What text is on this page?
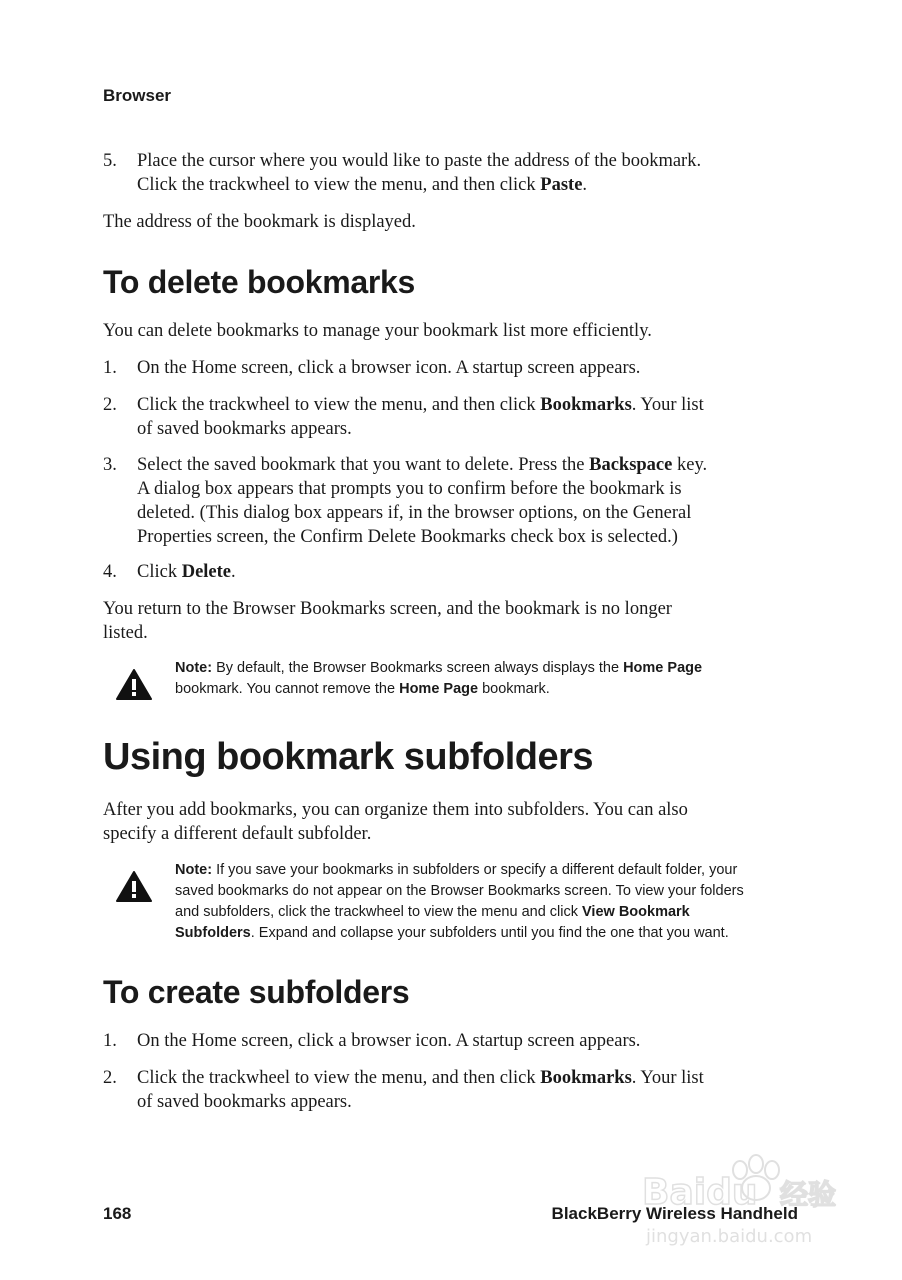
Browser
5.	Place the cursor where you would like to paste the address of the bookmark.
Click the trackwheel to view the menu, and then click Paste.

The address of the bookmark is displayed.

To delete bookmarks

You can delete bookmarks to manage your bookmark list more efficiently.

1.	On the Home screen, click a browser icon. A startup screen appears.
2.	Click the trackwheel to view the menu, and then click Bookmarks. Your list
of saved bookmarks appears.
3.	Select the saved bookmark that you want to delete. Press the Backspace key.
A dialog box appears that prompts you to confirm before the bookmark is
deleted. (This dialog box appears if, in the browser options, on the General
Properties screen, the Confirm Delete Bookmarks check box is selected.)
4.	Click Delete.

You return to the Browser Bookmarks screen, and the bookmark is no longer
listed.

Note: By default, the Browser Bookmarks screen always displays the Home Page
bookmark. You cannot remove the Home Page bookmark.
Using bookmark subfolders

After you add bookmarks, you can organize them into subfolders. You can also
specify a different default subfolder.

Note: If you save your bookmarks in subfolders or specify a different default folder, your
saved bookmarks do not appear on the Browser Bookmarks screen. To view your folders
and subfolders, click the trackwheel to view the menu and click View Bookmark
Subfolders. Expand and collapse your subfolders until you find the one that you want.
To create subfolders
1.	On the Home screen, click a browser icon. A startup screen appears.
2.	Click the trackwheel to view the menu, and then click Bookmarks. Your list
of saved bookmarks appears.
Baidu 经验
jingyan.baidu.com
168	BlackBerry Wireless Handheld
